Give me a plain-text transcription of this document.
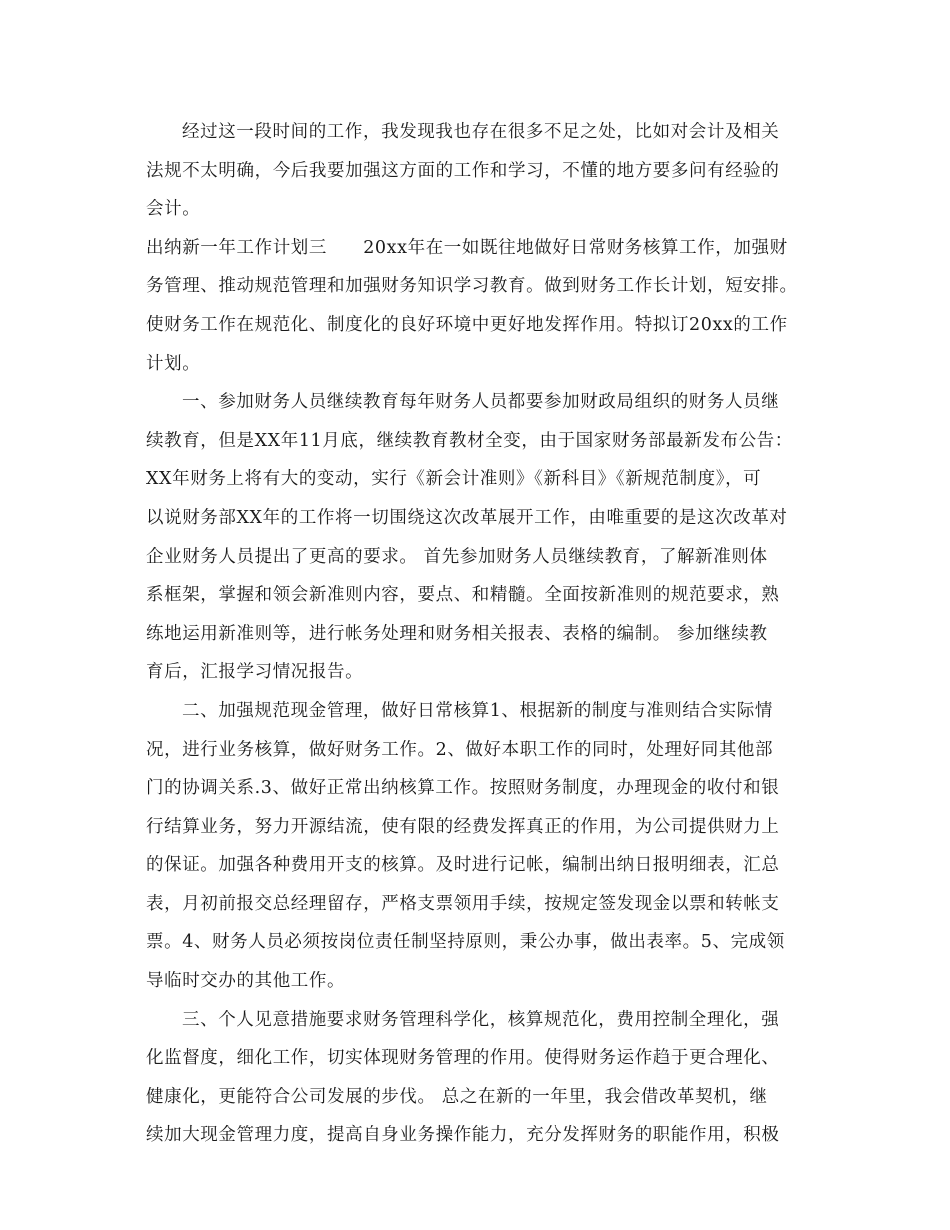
经过这一段时间的工作，我发现我也存在很多不足之处，比如对会计及相关
法规不太明确，今后我要加强这方面的工作和学习，不懂的地方要多问有经验的
会计。
出纳新一年工作计划三　　20xx年在一如既往地做好日常财务核算工作，加强财
务管理、推动规范管理和加强财务知识学习教育。做到财务工作长计划，短安排。
使财务工作在规范化、制度化的良好环境中更好地发挥作用。特拟订20xx的工作
计划。
一、参加财务人员继续教育每年财务人员都要参加财政局组织的财务人员继
续教育，但是XX年11月底，继续教育教材全变，由于国家财务部最新发布公告：
XX年财务上将有大的变动，实行《新会计准则》《新科目》《新规范制度》，可
以说财务部XX年的工作将一切围绕这次改革展开工作，由唯重要的是这次改革对
企业财务人员提出了更高的要求。 首先参加财务人员继续教育，了解新准则体
系框架，掌握和领会新准则内容，要点、和精髓。全面按新准则的规范要求，熟
练地运用新准则等，进行帐务处理和财务相关报表、表格的编制。 参加继续教
育后，汇报学习情况报告。
二、加强规范现金管理，做好日常核算1、根据新的制度与准则结合实际情
况，进行业务核算，做好财务工作。2、做好本职工作的同时，处理好同其他部
门的协调关系.3、做好正常出纳核算工作。按照财务制度，办理现金的收付和银
行结算业务，努力开源结流，使有限的经费发挥真正的作用，为公司提供财力上
的保证。加强各种费用开支的核算。及时进行记帐，编制出纳日报明细表，汇总
表，月初前报交总经理留存，严格支票领用手续，按规定签发现金以票和转帐支
票。4、财务人员必须按岗位责任制坚持原则，秉公办事，做出表率。5、完成领
导临时交办的其他工作。
三、个人见意措施要求财务管理科学化，核算规范化，费用控制全理化，强
化监督度，细化工作，切实体现财务管理的作用。使得财务运作趋于更合理化、
健康化，更能符合公司发展的步伐。 总之在新的一年里，我会借改革契机，继
续加大现金管理力度，提高自身业务操作能力，充分发挥财务的职能作用，积极
